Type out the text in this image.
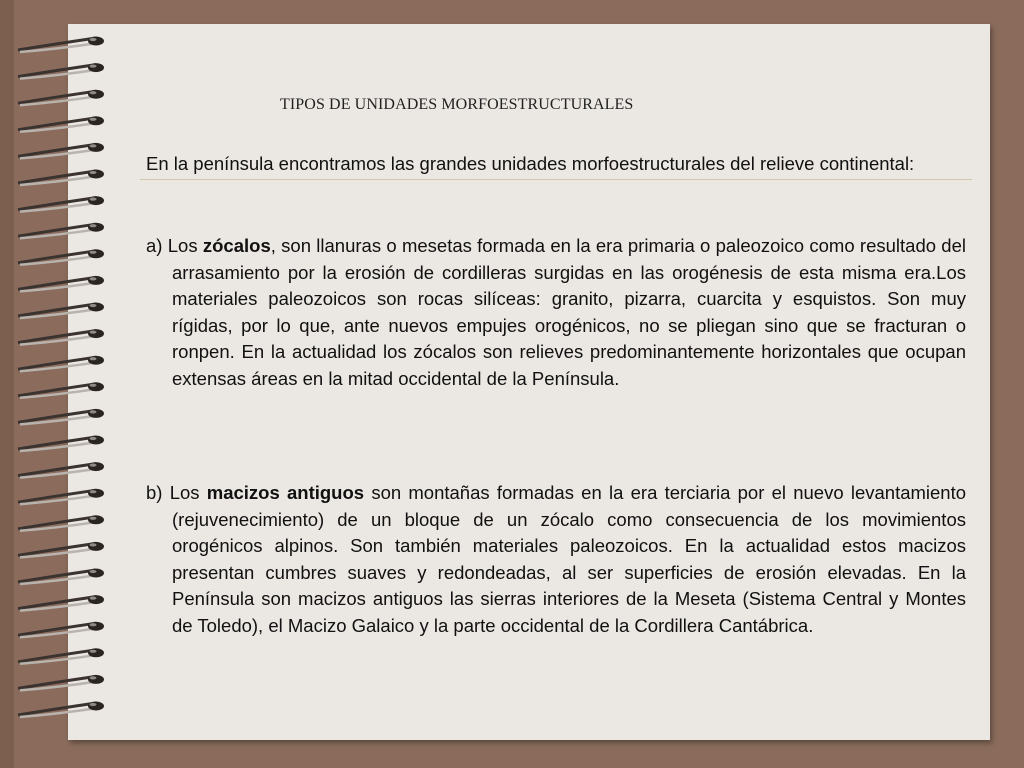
TIPOS DE UNIDADES MORFOESTRUCTURALES
En la península encontramos las grandes unidades morfoestructurales del relieve continental:
a) Los zócalos, son llanuras o mesetas formada en la era primaria o paleozoico como resultado del arrasamiento por la erosión de cordilleras surgidas en las orogénesis de esta misma era.Los materiales paleozoicos son rocas silíceas: granito, pizarra, cuarcita y esquistos. Son muy rígidas, por lo que, ante nuevos empujes orogénicos, no se pliegan sino que se fracturan o ronpen. En la actualidad los zócalos son relieves predominantemente horizontales que ocupan extensas áreas en la mitad occidental de la Península.
b) Los macizos antiguos son montañas formadas en la era terciaria por el nuevo levantamiento (rejuvenecimiento) de un bloque de un zócalo como consecuencia de los movimientos orogénicos alpinos. Son también materiales paleozoicos. En la actualidad estos macizos presentan cumbres suaves y redondeadas, al ser superficies de erosión elevadas. En la Península son macizos antiguos las sierras interiores de la Meseta (Sistema Central y Montes de Toledo), el Macizo Galaico y la parte occidental de la Cordillera Cantábrica.
